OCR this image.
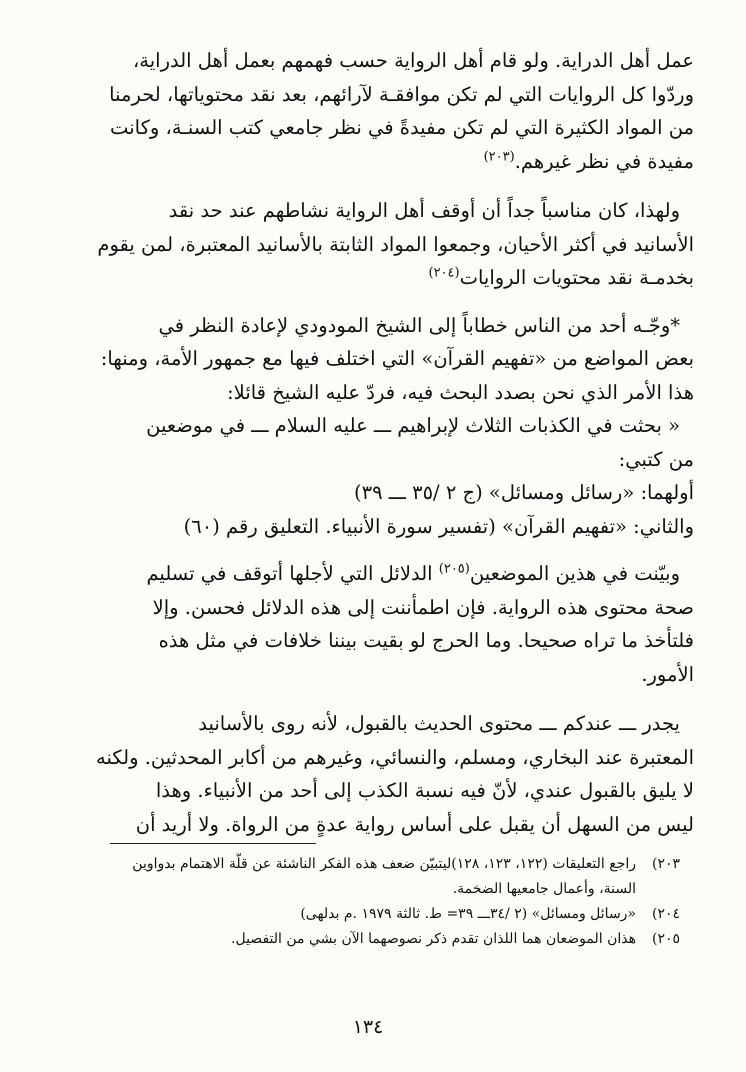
عمل أهل الدراية. ولو قام أهل الرواية حسب فهمهم بعمل أهل الدراية،
وردّوا كل الروايات التي لم تكن موافقـة لآرائهم، بعد نقد محتوياتها، لحرمنا
من المواد الكثيرة التي لم تكن مفيدةً في نظر جامعي كتب السنـة، وكانت
مفيدة في نظر غيرهم.$^{(٢٠٣)}$

ولهذا، كان مناسباً جداً أن أوقف أهل الرواية نشاطهم عند حد نقد
الأسانيد في أكثر الأحيان، وجمعوا المواد الثابتة بالأسانيد المعتبرة، لمن يقوم
بخدمـة نقد محتويات الروايات$^{(٢٠٤)}$

*وجّـه أحد من الناس خطاباً إلى الشيخ المودودي لإعادة النظر في
بعض المواضع من «تفهيم القرآن» التي اختلف فيها مع جمهور الأمة، ومنها:
هذا الأمر الذي نحن بصدد البحث فيه، فردّ عليه الشيخ قائلا:

« بحثت في الكذبات الثلاث لإبراهيم ـــ عليه السلام ـــ في موضعين
من كتبي:

أولهما: «رسائل ومسائل» (ج ٢ /٣٥ ـــ ٣٩)
والثاني: «تفهيم القرآن» (تفسير سورة الأنبياء. التعليق رقم (٦٠)

وبيّنت في هذين الموضعين$^{(٢٠٥)}$ الدلائل التي لأجلها أتوقف في تسليم
صحة محتوى هذه الرواية. فإن اطمأننت إلى هذه الدلائل فحسن. وإلا
فلتأخذ ما تراه صحيحا. وما الحرج لو بقيت بيننا خلافات في مثل هذه
الأمور.

يجدر ـــ عندكم ـــ محتوى الحديث بالقبول، لأنه روى بالأسانيد
المعتبرة عند البخاري، ومسلم، والنسائي، وغيرهم من أكابر المحدثين. ولكنه
لا يليق بالقبول عندي، لأنّ فيه نسبة الكذب إلى أحد من الأنبياء. وهذا
ليس من السهل أن يقبل على أساس رواية عدةٍ من الرواة. ولا أريد أن

٢٠٣)
راجع التعليقات (١٢٢، ١٢٣، ١٢٨)ليتبيّن ضعف هذه الفكر الناشئة عن قلّة الاهتمام بدواوين
السنة، وأعمال جامعيها الضخمة.
٢٠٤)
«رسائل ومسائل» (٢ /٣٤ـــ ٣٩= ط. ثالثة ١٩٧٩ .م بدلهى)
٢٠٥)
هذان الموضعان هما اللذان تقدم ذكر نصوصهما الآن بشي من التفصيل.
١٣٤
